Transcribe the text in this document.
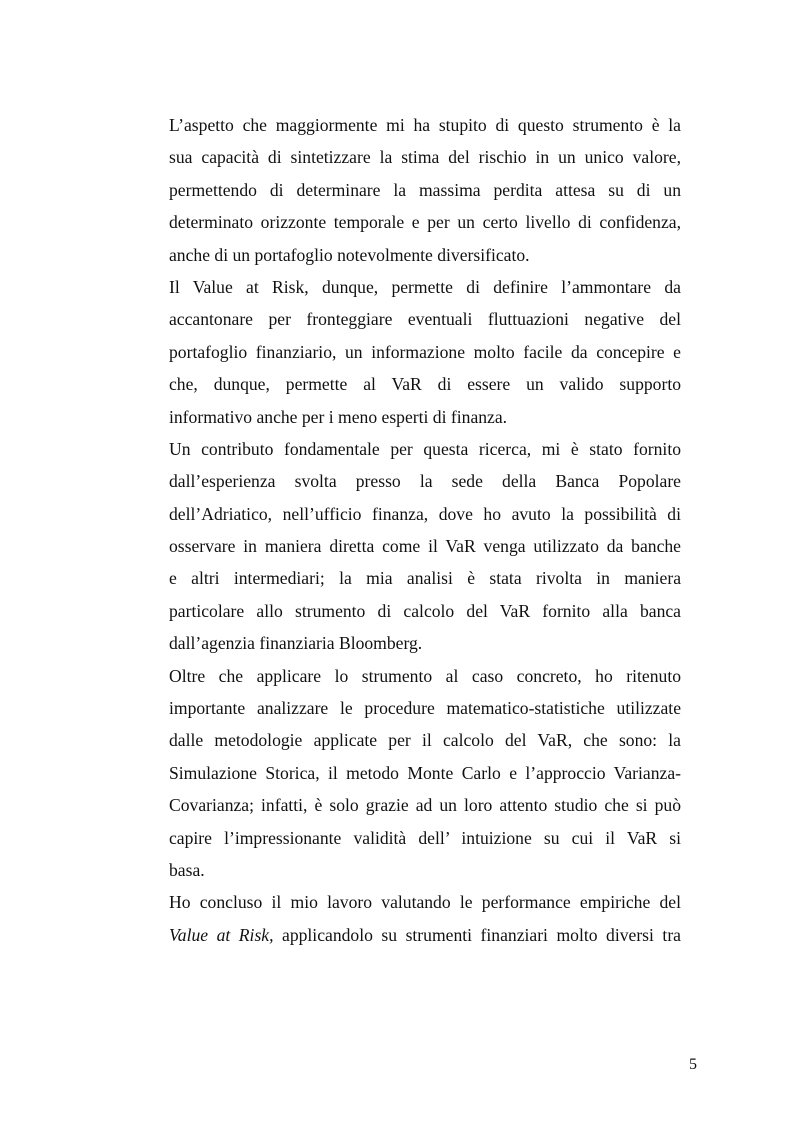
L’aspetto che maggiormente mi ha stupito di questo strumento è la
sua capacità di sintetizzare la stima del rischio in un unico valore,
permettendo di determinare la massima perdita attesa su di un
determinato orizzonte temporale e per un certo livello di confidenza,
anche di un portafoglio notevolmente diversificato.

Il Value at Risk, dunque, permette di definire l’ammontare da
accantonare per fronteggiare eventuali fluttuazioni negative del
portafoglio finanziario, un informazione molto facile da concepire e
che, dunque, permette al VaR di essere un valido supporto
informativo anche per i meno esperti di finanza.

Un contributo fondamentale per questa ricerca, mi è stato fornito
dall’esperienza svolta presso la sede della Banca Popolare
dell’Adriatico, nell’ufficio finanza, dove ho avuto la possibilità di
osservare in maniera diretta come il VaR venga utilizzato da banche
e altri intermediari; la mia analisi è stata rivolta in maniera
particolare allo strumento di calcolo del VaR fornito alla banca
dall’agenzia finanziaria Bloomberg.

Oltre che applicare lo strumento al caso concreto, ho ritenuto
importante analizzare le procedure matematico-statistiche utilizzate
dalle metodologie applicate per il calcolo del VaR, che sono: la
Simulazione Storica, il metodo Monte Carlo e l’approccio Varianza-
Covarianza; infatti, è solo grazie ad un loro attento studio che si può
capire l’impressionante validità dell’ intuizione su cui il VaR si
basa.

Ho concluso il mio lavoro valutando le performance empiriche del
Value at Risk, applicandolo su strumenti finanziari molto diversi tra

5
